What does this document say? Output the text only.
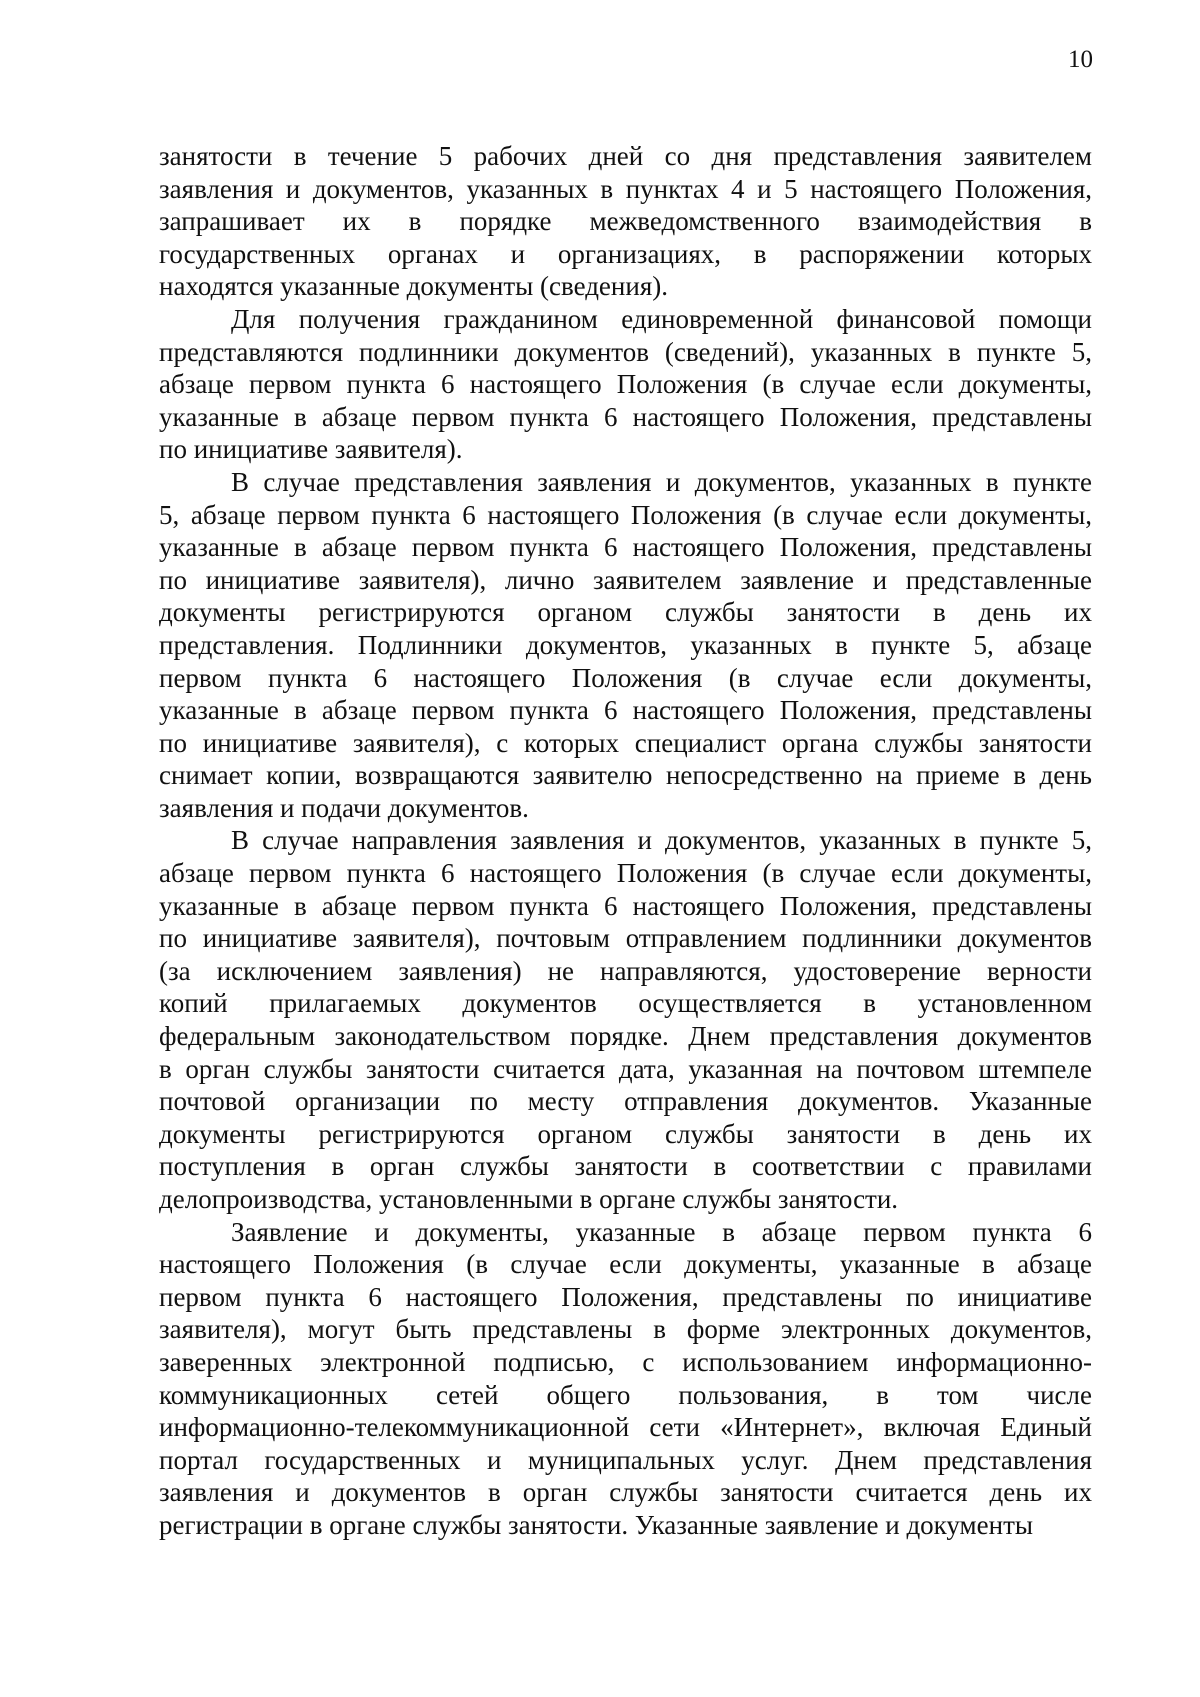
10
занятости в течение 5 рабочих дней со дня представления заявителем
заявления и документов, указанных в пунктах 4 и 5 настоящего Положения,
запрашивает их в порядке межведомственного взаимодействия в
государственных органах и организациях, в распоряжении которых
находятся указанные документы (сведения).
Для получения гражданином единовременной финансовой помощи
представляются подлинники документов (сведений), указанных в пункте 5,
абзаце первом пункта 6 настоящего Положения (в случае если документы,
указанные в абзаце первом пункта 6 настоящего Положения, представлены
по инициативе заявителя).
В случае представления заявления и документов, указанных в пункте
5, абзаце первом пункта 6 настоящего Положения (в случае если документы,
указанные в абзаце первом пункта 6 настоящего Положения, представлены
по инициативе заявителя), лично заявителем заявление и представленные
документы регистрируются органом службы занятости в день их
представления. Подлинники документов, указанных в пункте 5, абзаце
первом пункта 6 настоящего Положения (в случае если документы,
указанные в абзаце первом пункта 6 настоящего Положения, представлены
по инициативе заявителя), с которых специалист органа службы занятости
снимает копии, возвращаются заявителю непосредственно на приеме в день
заявления и подачи документов.
В случае направления заявления и документов, указанных в пункте 5,
абзаце первом пункта 6 настоящего Положения (в случае если документы,
указанные в абзаце первом пункта 6 настоящего Положения, представлены
по инициативе заявителя), почтовым отправлением подлинники документов
(за исключением заявления) не направляются, удостоверение верности
копий прилагаемых документов осуществляется в установленном
федеральным законодательством порядке. Днем представления документов
в орган службы занятости считается дата, указанная на почтовом штемпеле
почтовой организации по месту отправления документов. Указанные
документы регистрируются органом службы занятости в день их
поступления в орган службы занятости в соответствии с правилами
делопроизводства, установленными в органе службы занятости.
Заявление и документы, указанные в абзаце первом пункта 6
настоящего Положения (в случае если документы, указанные в абзаце
первом пункта 6 настоящего Положения, представлены по инициативе
заявителя), могут быть представлены в форме электронных документов,
заверенных электронной подписью, с использованием информационно-
коммуникационных сетей общего пользования, в том числе
информационно-телекоммуникационной сети «Интернет», включая Единый
портал государственных и муниципальных услуг. Днем представления
заявления и документов в орган службы занятости считается день их
регистрации в органе службы занятости. Указанные заявление и документы
